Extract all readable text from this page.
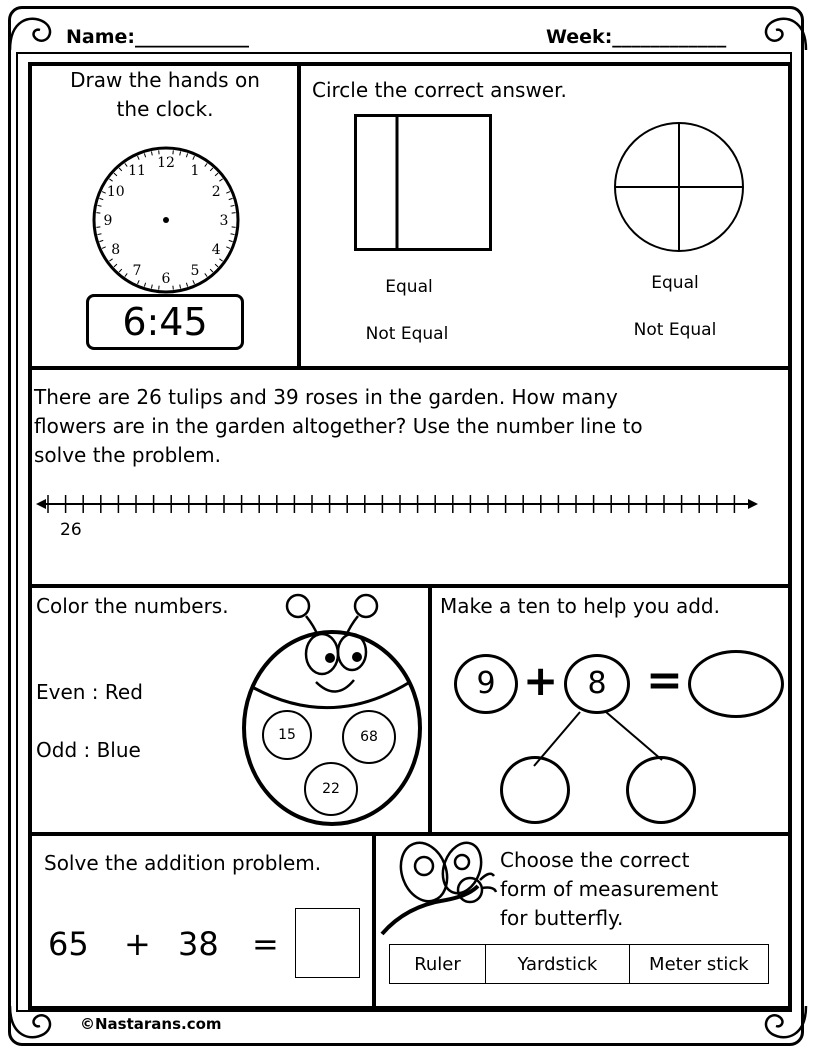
Name:____________	Week:____________
Draw the hands on
the clock.
12 1
2
3
4
5
6
7
8
9
10
11
6:45
Circle the correct answer.
Equal
Not Equal
Equal
Not Equal
There are 26 tulips and 39 roses in the garden. How many
flowers are in the garden altogether? Use the number line to
solve the problem.
26
Color the numbers.
Even : Red
Odd : Blue
15	68
22
Make a ten to help you add.
9 + 8 =
Solve the addition problem.
65 + 38 =
Choose the correct
form of measurement
for butterfly.
Ruler	Yardstick	Meter stick
©Nastarans.com
